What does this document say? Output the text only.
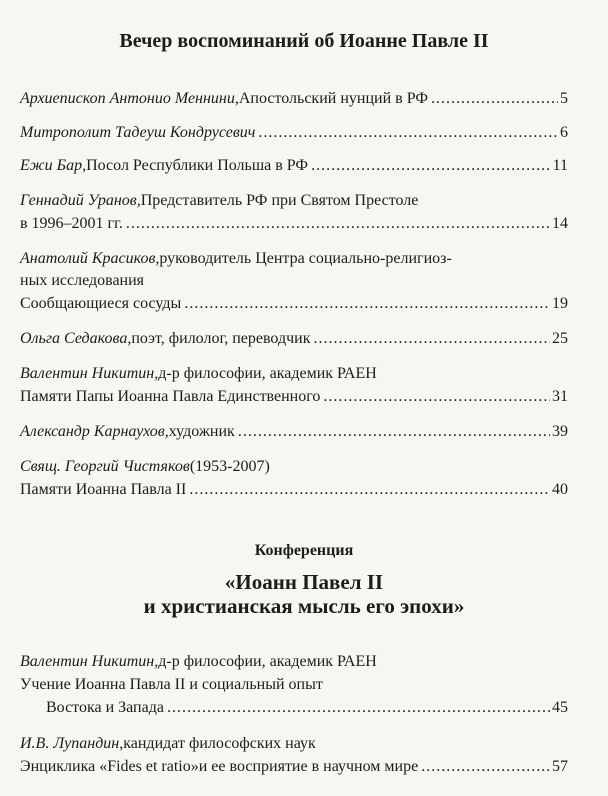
Вечер воспоминаний об Иоанне Павле II
Архиепископ Антонио Меннини, Апостольский нунций в РФ .....	5
Митрополит Тадеуш Кондрусевич .....	6
Ежи Бар, Посол Республики Польша в РФ .....	11
Геннадий Уранов, Представитель РФ при Святом Престоле
в 1996–2001 гг. .....	14
Анатолий Красиков, руководитель Центра социально-религиоз-
ных исследования
Сообщающиеся сосуды .....	19
Ольга Седакова, поэт, филолог, переводчик .....	25
Валентин Никитин, д-р философии, академик РАЕН
Памяти Папы Иоанна Павла Единственного .....	31
Александр Карнаухов, художник .....	39
Свящ. Георгий Чистяков (1953-2007)
Памяти Иоанна Павла II .....	40
Конференция
«Иоанн Павел II
и христианская мысль его эпохи»
Валентин Никитин, д-р философии, академик РАЕН
Учение Иоанна Павла II и социальный опыт
Востока и Запада .....	45
И.В. Лупандин, кандидат философских наук
Энциклика «Fides et ratio»и ее восприятие в научном мире .....	57
